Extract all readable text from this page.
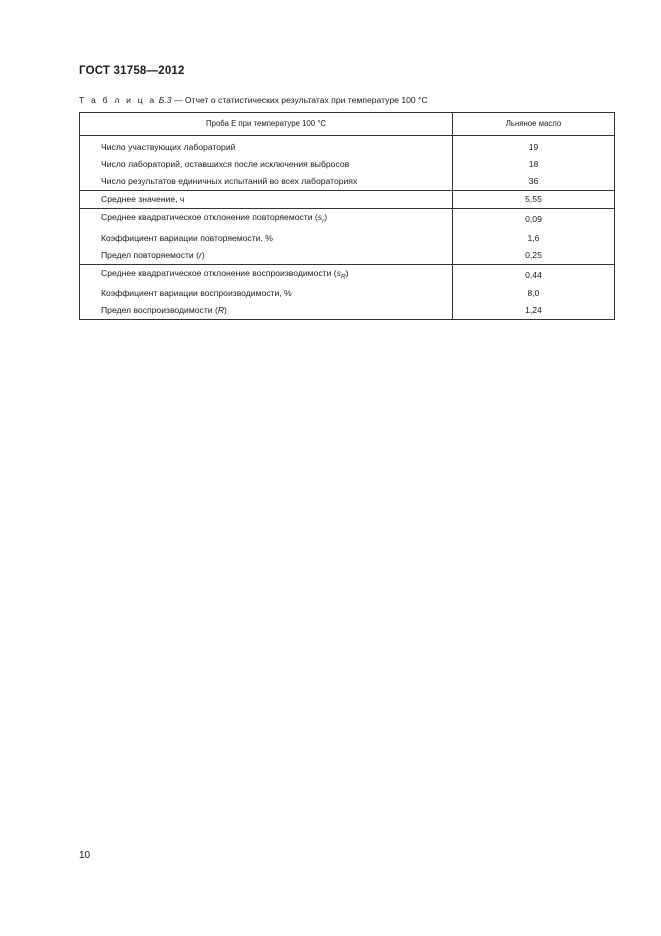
ГОСТ 31758—2012
Т а б л и ц а Б.3 — Отчет о статистических результатах при температуре 100 °С
Проба Е при температуре 100 °С	Льняное масло
Число участвующих лабораторий	19
Число лабораторий, оставшихся после исключения выбросов	18
Число результатов единичных испытаний во всех лабораториях	36
Среднее значение, ч	5,55
Среднее квадратическое отклонение повторяемости $(s_r)$	0,09
Коэффициент вариации повторяемости, %	1,6
Предел повторяемости (r)	0,25
Среднее квадратическое отклонение воспроизводимости $(s_R)$	0,44
Коэффициент вариации воспроизводимости, %	8,0
Предел воспроизводимости (R)	1,24
10
